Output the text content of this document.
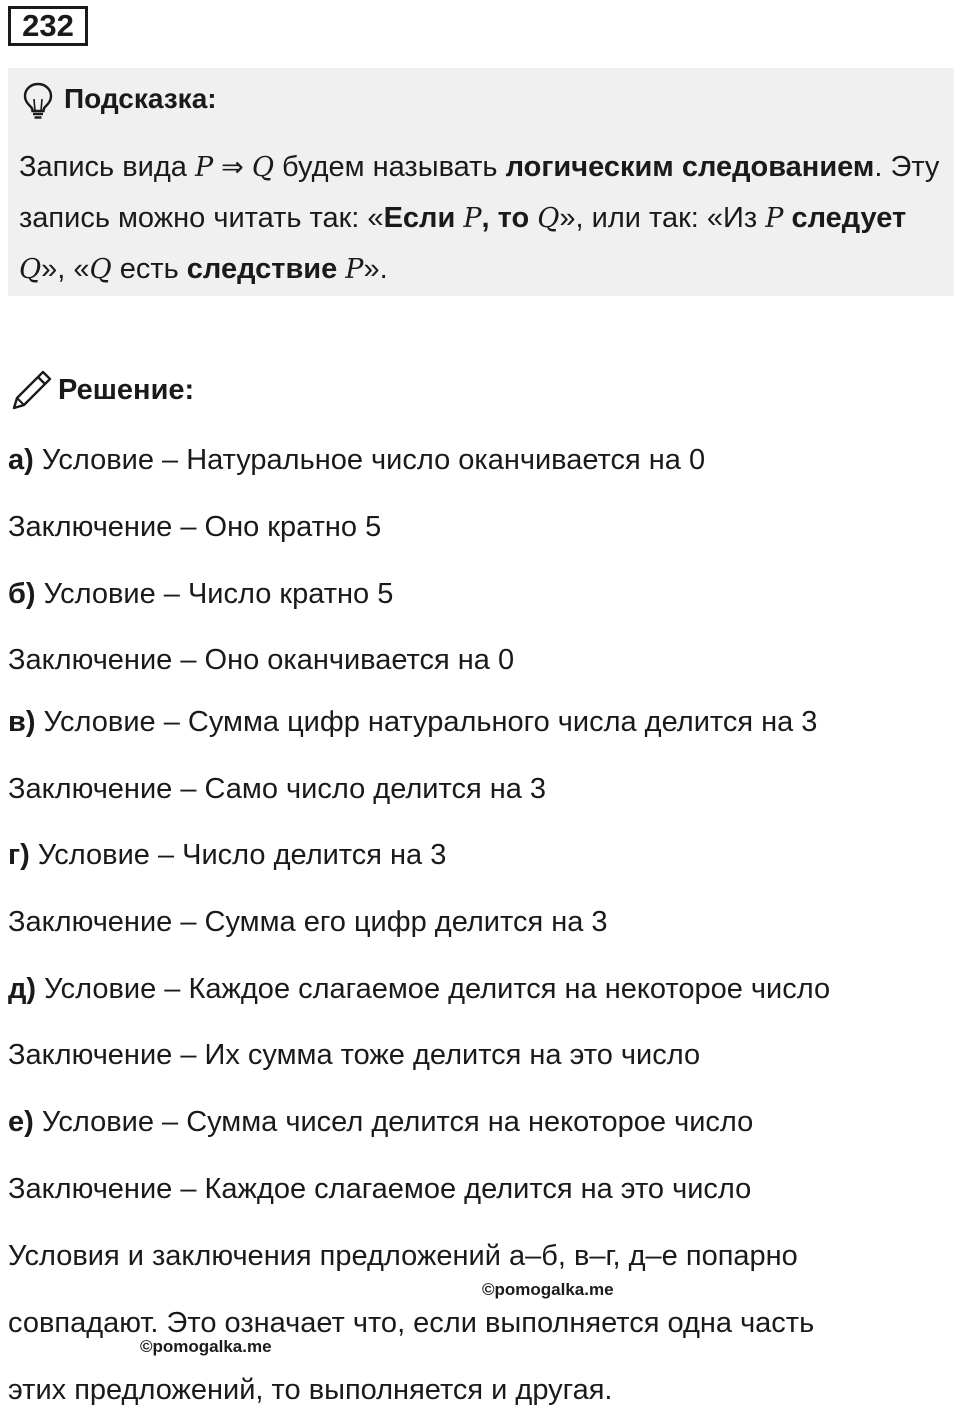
232
Подсказка:
Запись вида P ⇒ Q будем называть логическим следованием. Эту запись можно читать так: «Если P, то Q», или так: «Из P следует Q», «Q есть следствие P».
Решение:
а) Условие – Натуральное число оканчивается на 0
Заключение – Оно кратно 5
б) Условие – Число кратно 5
Заключение – Оно оканчивается на 0
в) Условие – Сумма цифр натурального числа делится на 3
Заключение – Само число делится на 3
г) Условие – Число делится на 3
Заключение – Сумма его цифр делится на 3
д) Условие – Каждое слагаемое делится на некоторое число
Заключение – Их сумма тоже делится на это число
е) Условие – Сумма чисел делится на некоторое число
Заключение – Каждое слагаемое делится на это число
Условия и заключения предложений а–б, в–г, д–е попарно
совпадают. Это означает что, если выполняется одна часть
этих предложений, то выполняется и другая.
©pomogalka.me
©pomogalka.me
